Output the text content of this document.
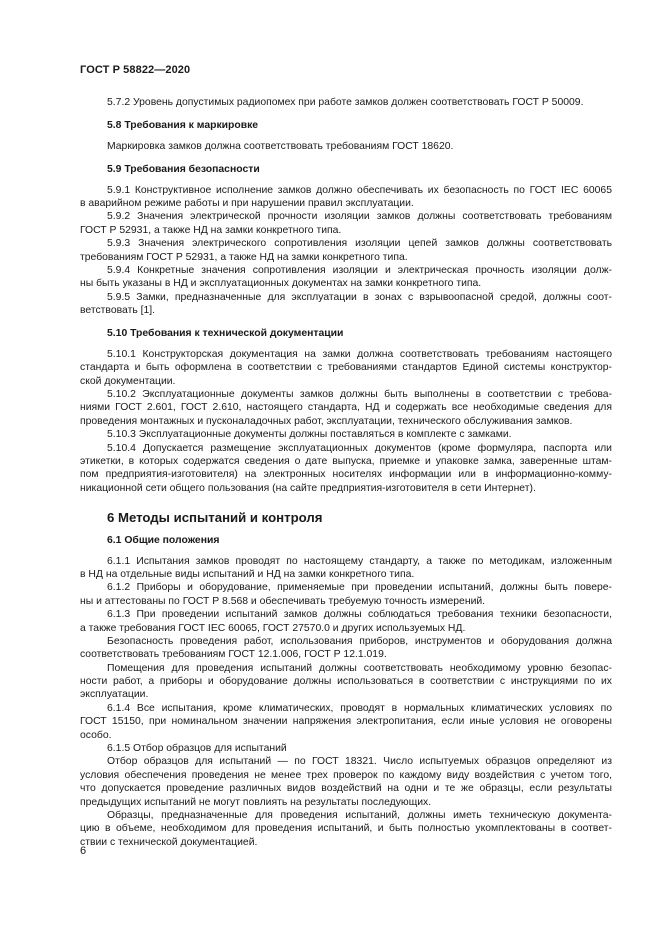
ГОСТ Р 58822—2020
5.7.2 Уровень допустимых радиопомех при работе замков должен соответствовать ГОСТ Р 50009.
5.8 Требования к маркировке
Маркировка замков должна соответствовать требованиям ГОСТ 18620.
5.9 Требования безопасности
5.9.1 Конструктивное исполнение замков должно обеспечивать их безопасность по ГОСТ IEC 60065
в аварийном режиме работы и при нарушении правил эксплуатации.
5.9.2 Значения электрической прочности изоляции замков должны соответствовать требованиям
ГОСТ Р 52931, а также НД на замки конкретного типа.
5.9.3 Значения электрического сопротивления изоляции цепей замков должны соответствовать
требованиям ГОСТ Р 52931, а также НД на замки конкретного типа.
5.9.4 Конкретные значения сопротивления изоляции и электрическая прочность изоляции долж-
ны быть указаны в НД и эксплуатационных документах на замки конкретного типа.
5.9.5 Замки, предназначенные для эксплуатации в зонах с взрывоопасной средой, должны соот-
ветствовать [1].
5.10 Требования к технической документации
5.10.1 Конструкторская документация на замки должна соответствовать требованиям настоящего
стандарта и быть оформлена в соответствии с требованиями стандартов Единой системы конструктор-
ской документации.
5.10.2 Эксплуатационные документы замков должны быть выполнены в соответствии с требова-
ниями ГОСТ 2.601, ГОСТ 2.610, настоящего стандарта, НД и содержать все необходимые сведения для
проведения монтажных и пусконаладочных работ, эксплуатации, технического обслуживания замков.
5.10.3 Эксплуатационные документы должны поставляться в комплекте с замками.
5.10.4 Допускается размещение эксплуатационных документов (кроме формуляра, паспорта или
этикетки, в которых содержатся сведения о дате выпуска, приемке и упаковке замка, заверенные штам-
пом предприятия-изготовителя) на электронных носителях информации или в информационно-комму-
никационной сети общего пользования (на сайте предприятия-изготовителя в сети Интернет).
6 Методы испытаний и контроля
6.1 Общие положения
6.1.1 Испытания замков проводят по настоящему стандарту, а также по методикам, изложенным
в НД на отдельные виды испытаний и НД на замки конкретного типа.
6.1.2 Приборы и оборудование, применяемые при проведении испытаний, должны быть повере-
ны и аттестованы по ГОСТ Р 8.568 и обеспечивать требуемую точность измерений.
6.1.3 При проведении испытаний замков должны соблюдаться требования техники безопасности,
а также требования ГОСТ IEC 60065, ГОСТ 27570.0 и других используемых НД.
Безопасность проведения работ, использования приборов, инструментов и оборудования должна
соответствовать требованиям ГОСТ 12.1.006, ГОСТ Р 12.1.019.
Помещения для проведения испытаний должны соответствовать необходимому уровню безопас-
ности работ, а приборы и оборудование должны использоваться в соответствии с инструкциями по их
эксплуатации.
6.1.4 Все испытания, кроме климатических, проводят в нормальных климатических условиях по
ГОСТ 15150, при номинальном значении напряжения электропитания, если иные условия не оговорены
особо.
6.1.5 Отбор образцов для испытаний
Отбор образцов для испытаний — по ГОСТ 18321. Число испытуемых образцов определяют из
условия обеспечения проведения не менее трех проверок по каждому виду воздействия с учетом того,
что допускается проведение различных видов воздействий на одни и те же образцы, если результаты
предыдущих испытаний не могут повлиять на результаты последующих.
Образцы, предназначенные для проведения испытаний, должны иметь техническую документа-
цию в объеме, необходимом для проведения испытаний, и быть полностью укомплектованы в соответ-
ствии с технической документацией.
6
